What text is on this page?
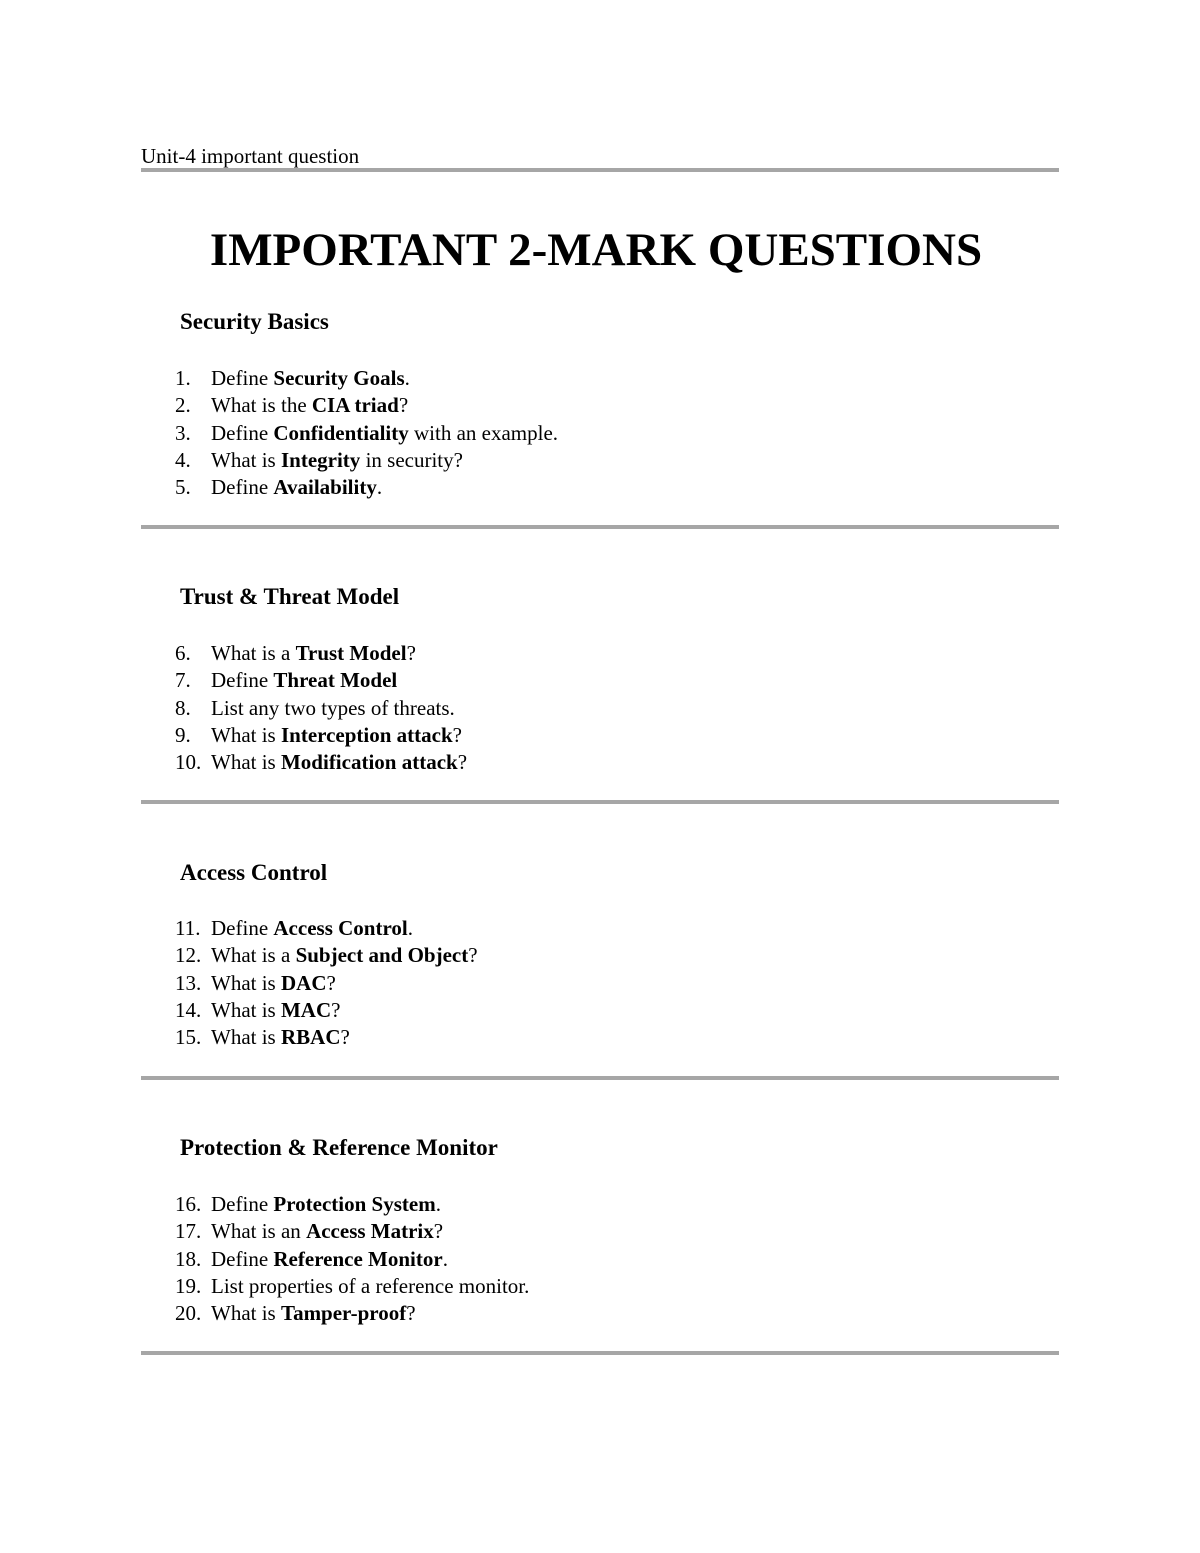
Unit-4 important question
IMPORTANT 2-MARK QUESTIONS
Security Basics
1. Define Security Goals.
2. What is the CIA triad?
3. Define Confidentiality with an example.
4. What is Integrity in security?
5. Define Availability.
Trust & Threat Model
6. What is a Trust Model?
7. Define Threat Model
8. List any two types of threats.
9. What is Interception attack?
10. What is Modification attack?
Access Control
11. Define Access Control.
12. What is a Subject and Object?
13. What is DAC?
14. What is MAC?
15. What is RBAC?
Protection & Reference Monitor
16. Define Protection System.
17. What is an Access Matrix?
18. Define Reference Monitor.
19. List properties of a reference monitor.
20. What is Tamper-proof?
